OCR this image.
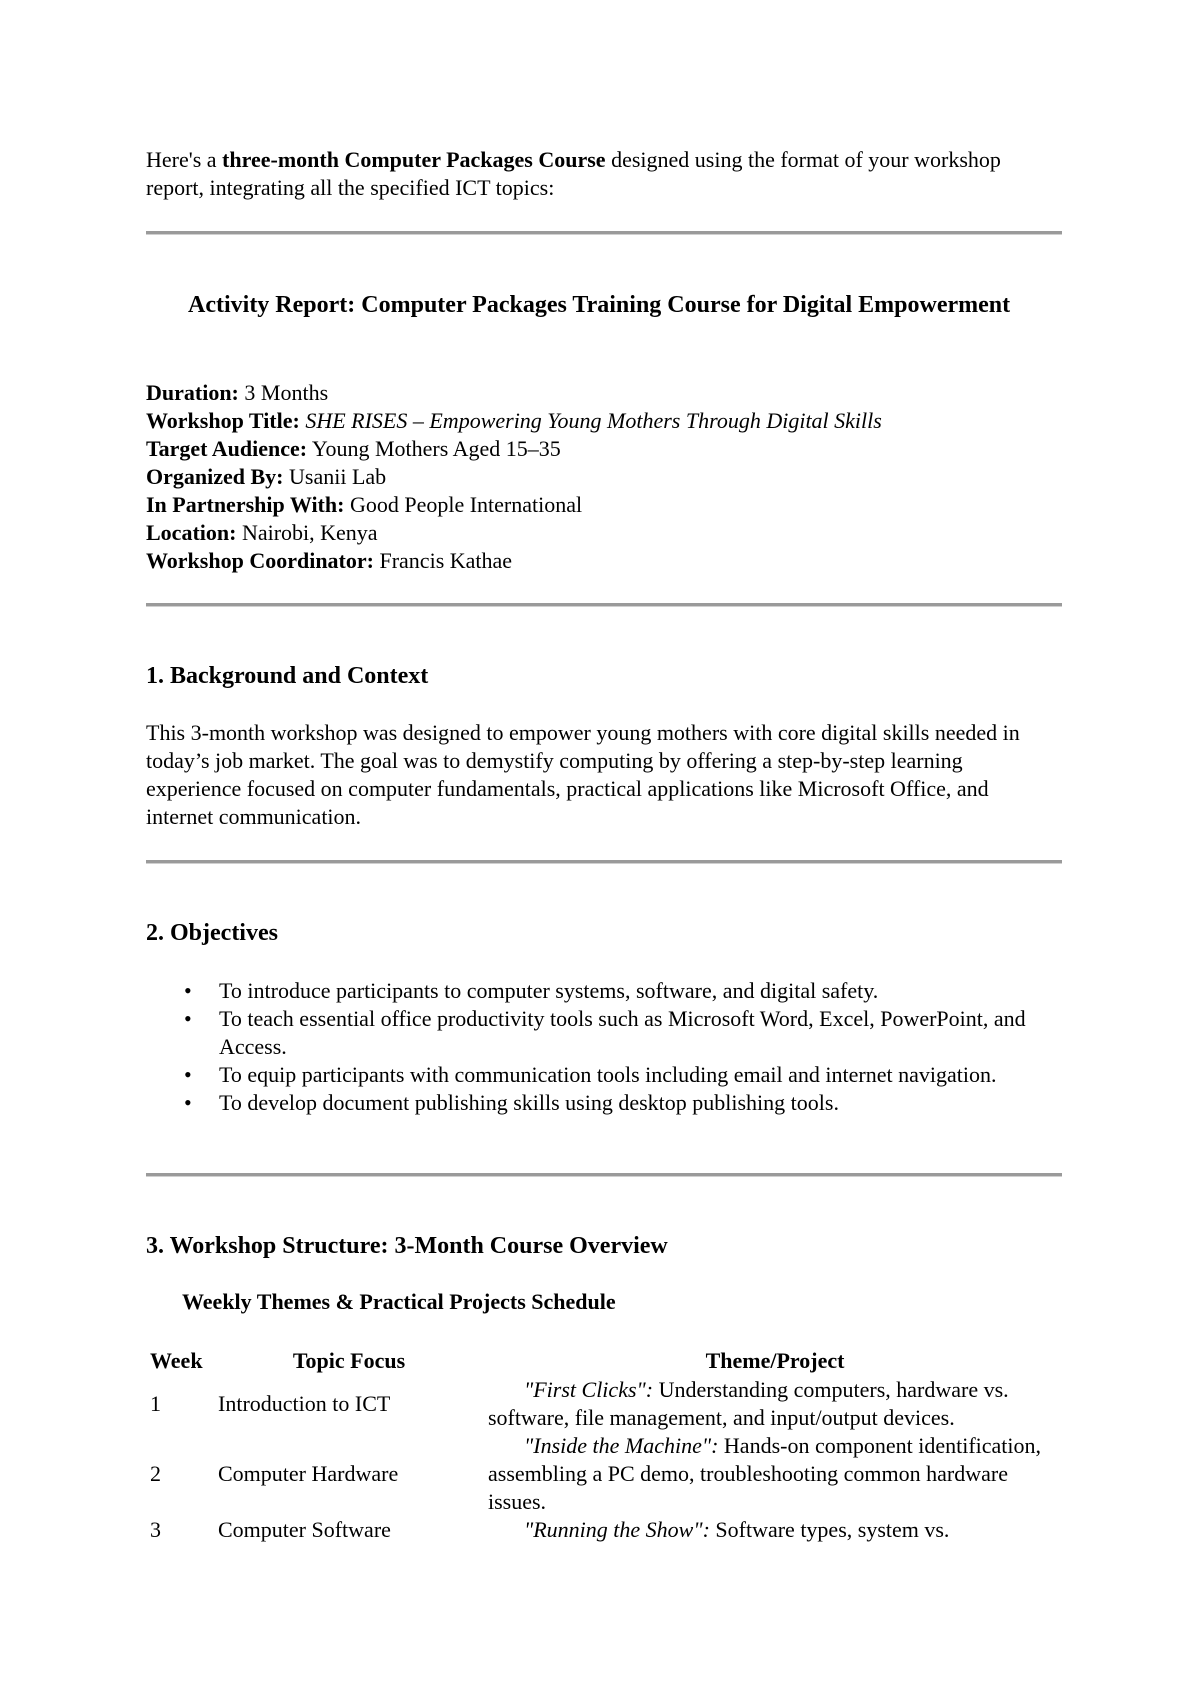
Here's a three-month Computer Packages Course designed using the format of your workshop report, integrating all the specified ICT topics:

Activity Report: Computer Packages Training Course for Digital Empowerment
Duration: 3 Months
Workshop Title: SHE RISES – Empowering Young Mothers Through Digital Skills
Target Audience: Young Mothers Aged 15–35
Organized By: Usanii Lab
In Partnership With: Good People International
Location: Nairobi, Kenya
Workshop Coordinator: Francis Kathae
1. Background and Context

This 3-month workshop was designed to empower young mothers with core digital skills needed in today’s job market. The goal was to demystify computing by offering a step-by-step learning experience focused on computer fundamentals, practical applications like Microsoft Office, and internet communication.

2. Objectives
• To introduce participants to computer systems, software, and digital safety.
• To teach essential office productivity tools such as Microsoft Word, Excel, PowerPoint, and Access.
• To equip participants with communication tools including email and internet navigation.
• To develop document publishing skills using desktop publishing tools.
3. Workshop Structure: 3-Month Course Overview

Weekly Themes & Practical Projects Schedule

Week	Topic Focus	Theme/Project
1	Introduction to ICT	"First Clicks": Understanding computers, hardware vs. software, file management, and input/output devices.
2	Computer Hardware	"Inside the Machine": Hands-on component identification, assembling a PC demo, troubleshooting common hardware issues.
3	Computer Software	"Running the Show": Software types, system vs.
